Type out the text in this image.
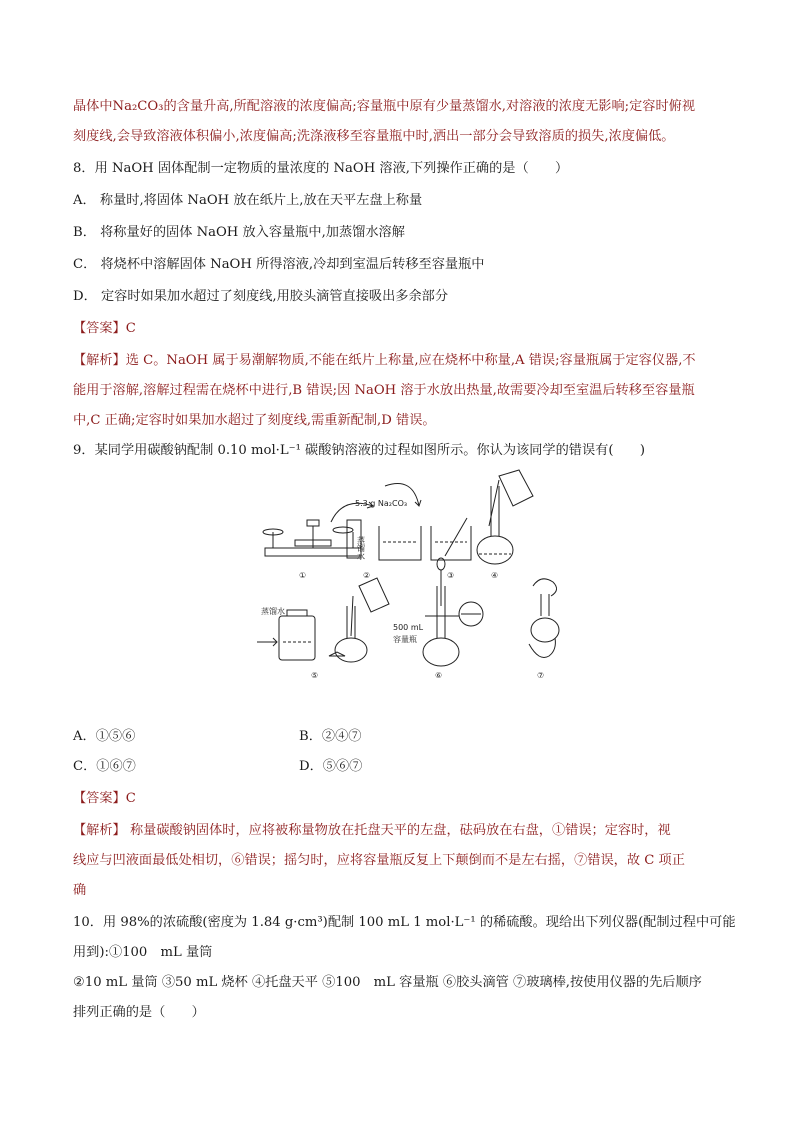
晶体中Na₂CO₃的含量升高,所配溶液的浓度偏高;容量瓶中原有少量蒸馏水,对溶液的浓度无影响;定容时俯视
刻度线,会导致溶液体积偏小,浓度偏高;洗涤液移至容量瓶中时,洒出一部分会导致溶质的损失,浓度偏低。
8．用 NaOH 固体配制一定物质的量浓度的 NaOH 溶液,下列操作正确的是（　　）
A． 称量时,将固体 NaOH 放在纸片上,放在天平左盘上称量
B． 将称量好的固体 NaOH 放入容量瓶中,加蒸馏水溶解
C． 将烧杯中溶解固体 NaOH 所得溶液,冷却到室温后转移至容量瓶中
D． 定容时如果加水超过了刻度线,用胶头滴管直接吸出多余部分
【答案】C
【解析】选 C。NaOH 属于易潮解物质,不能在纸片上称量,应在烧杯中称量,A 错误;容量瓶属于定容仪器,不
能用于溶解,溶解过程需在烧杯中进行,B 错误;因 NaOH 溶于水放出热量,故需要冷却至室温后转移至容量瓶
中,C 正确;定容时如果加水超过了刻度线,需重新配制,D 错误。
9．某同学用碳酸钠配制 0.10 mol·L⁻¹ 碳酸钠溶液的过程如图所示。你认为该同学的错误有(　　)
5.3 g Na₂CO₃
蒸馏水
500 mL
容量瓶
蒸馏水
①	②	③	④
⑤	⑥	⑦
A．①⑤⑥	B．②④⑦
C．①⑥⑦	D．⑤⑥⑦
【答案】C
【解析】 称量碳酸钠固体时，应将被称量物放在托盘天平的左盘，砝码放在右盘，①错误；定容时，视
线应与凹液面最低处相切，⑥错误；摇匀时，应将容量瓶反复上下颠倒而不是左右摇，⑦错误，故 C 项正
确
10．用 98%的浓硫酸(密度为 1.84 g·cm³)配制 100 mL 1 mol·L⁻¹ 的稀硫酸。现给出下列仪器(配制过程中可能
用到):①100　mL 量筒
②10 mL 量筒 ③50 mL 烧杯 ④托盘天平 ⑤100　mL 容量瓶 ⑥胶头滴管 ⑦玻璃棒,按使用仪器的先后顺序
排列正确的是（　　）
